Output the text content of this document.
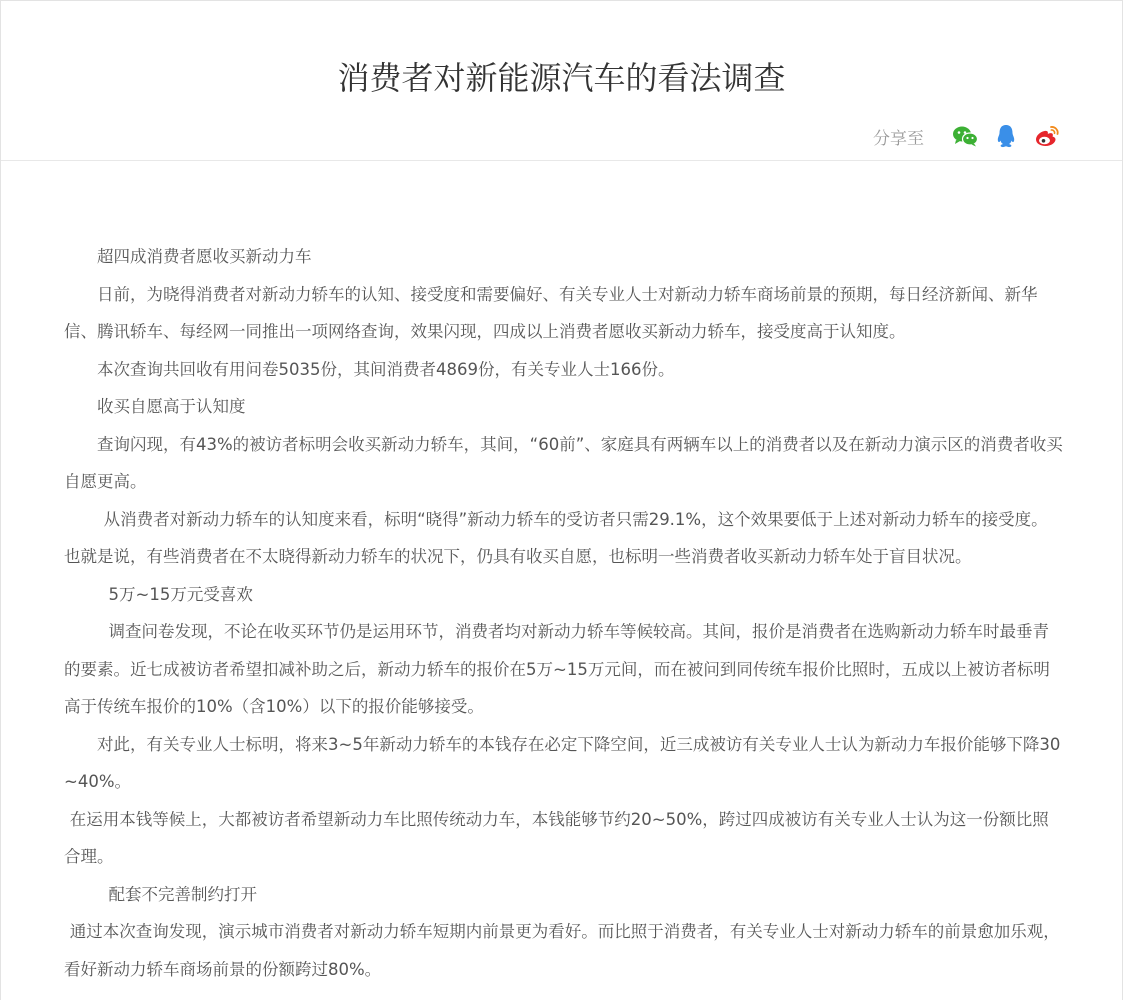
消费者对新能源汽车的看法调查
分享至

超四成消费者愿收买新动力车

日前，为晓得消费者对新动力轿车的认知、接受度和需要偏好、有关专业人士对新动力轿车商场前景的预期，每日经济新闻、新华信、腾讯轿车、每经网一同推出一项网络查询，效果闪现，四成以上消费者愿收买新动力轿车，接受度高于认知度。

本次查询共回收有用问卷5035份，其间消费者4869份，有关专业人士166份。

收买自愿高于认知度

查询闪现，有43%的被访者标明会收买新动力轿车，其间，“60前”、家庭具有两辆车以上的消费者以及在新动力演示区的消费者收买自愿更高。

从消费者对新动力轿车的认知度来看，标明“晓得”新动力轿车的受访者只需29.1%，这个效果要低于上述对新动力轿车的接受度。也就是说，有些消费者在不太晓得新动力轿车的状况下，仍具有收买自愿，也标明一些消费者收买新动力轿车处于盲目状况。

5万~15万元受喜欢

调查问卷发现，不论在收买环节仍是运用环节，消费者均对新动力轿车等候较高。其间，报价是消费者在选购新动力轿车时最垂青的要素。近七成被访者希望扣减补助之后，新动力轿车的报价在5万~15万元间，而在被问到同传统车报价比照时，五成以上被访者标明高于传统车报价的10%（含10%）以下的报价能够接受。

对此，有关专业人士标明，将来3~5年新动力轿车的本钱存在必定下降空间，近三成被访有关专业人士认为新动力车报价能够下降30~40%。

在运用本钱等候上，大都被访者希望新动力车比照传统动力车，本钱能够节约20~50%，跨过四成被访有关专业人士认为这一份额比照合理。

配套不完善制约打开

通过本次查询发现，演示城市消费者对新动力轿车短期内前景更为看好。而比照于消费者，有关专业人士对新动力轿车的前景愈加乐观，看好新动力轿车商场前景的份额跨过80%。
